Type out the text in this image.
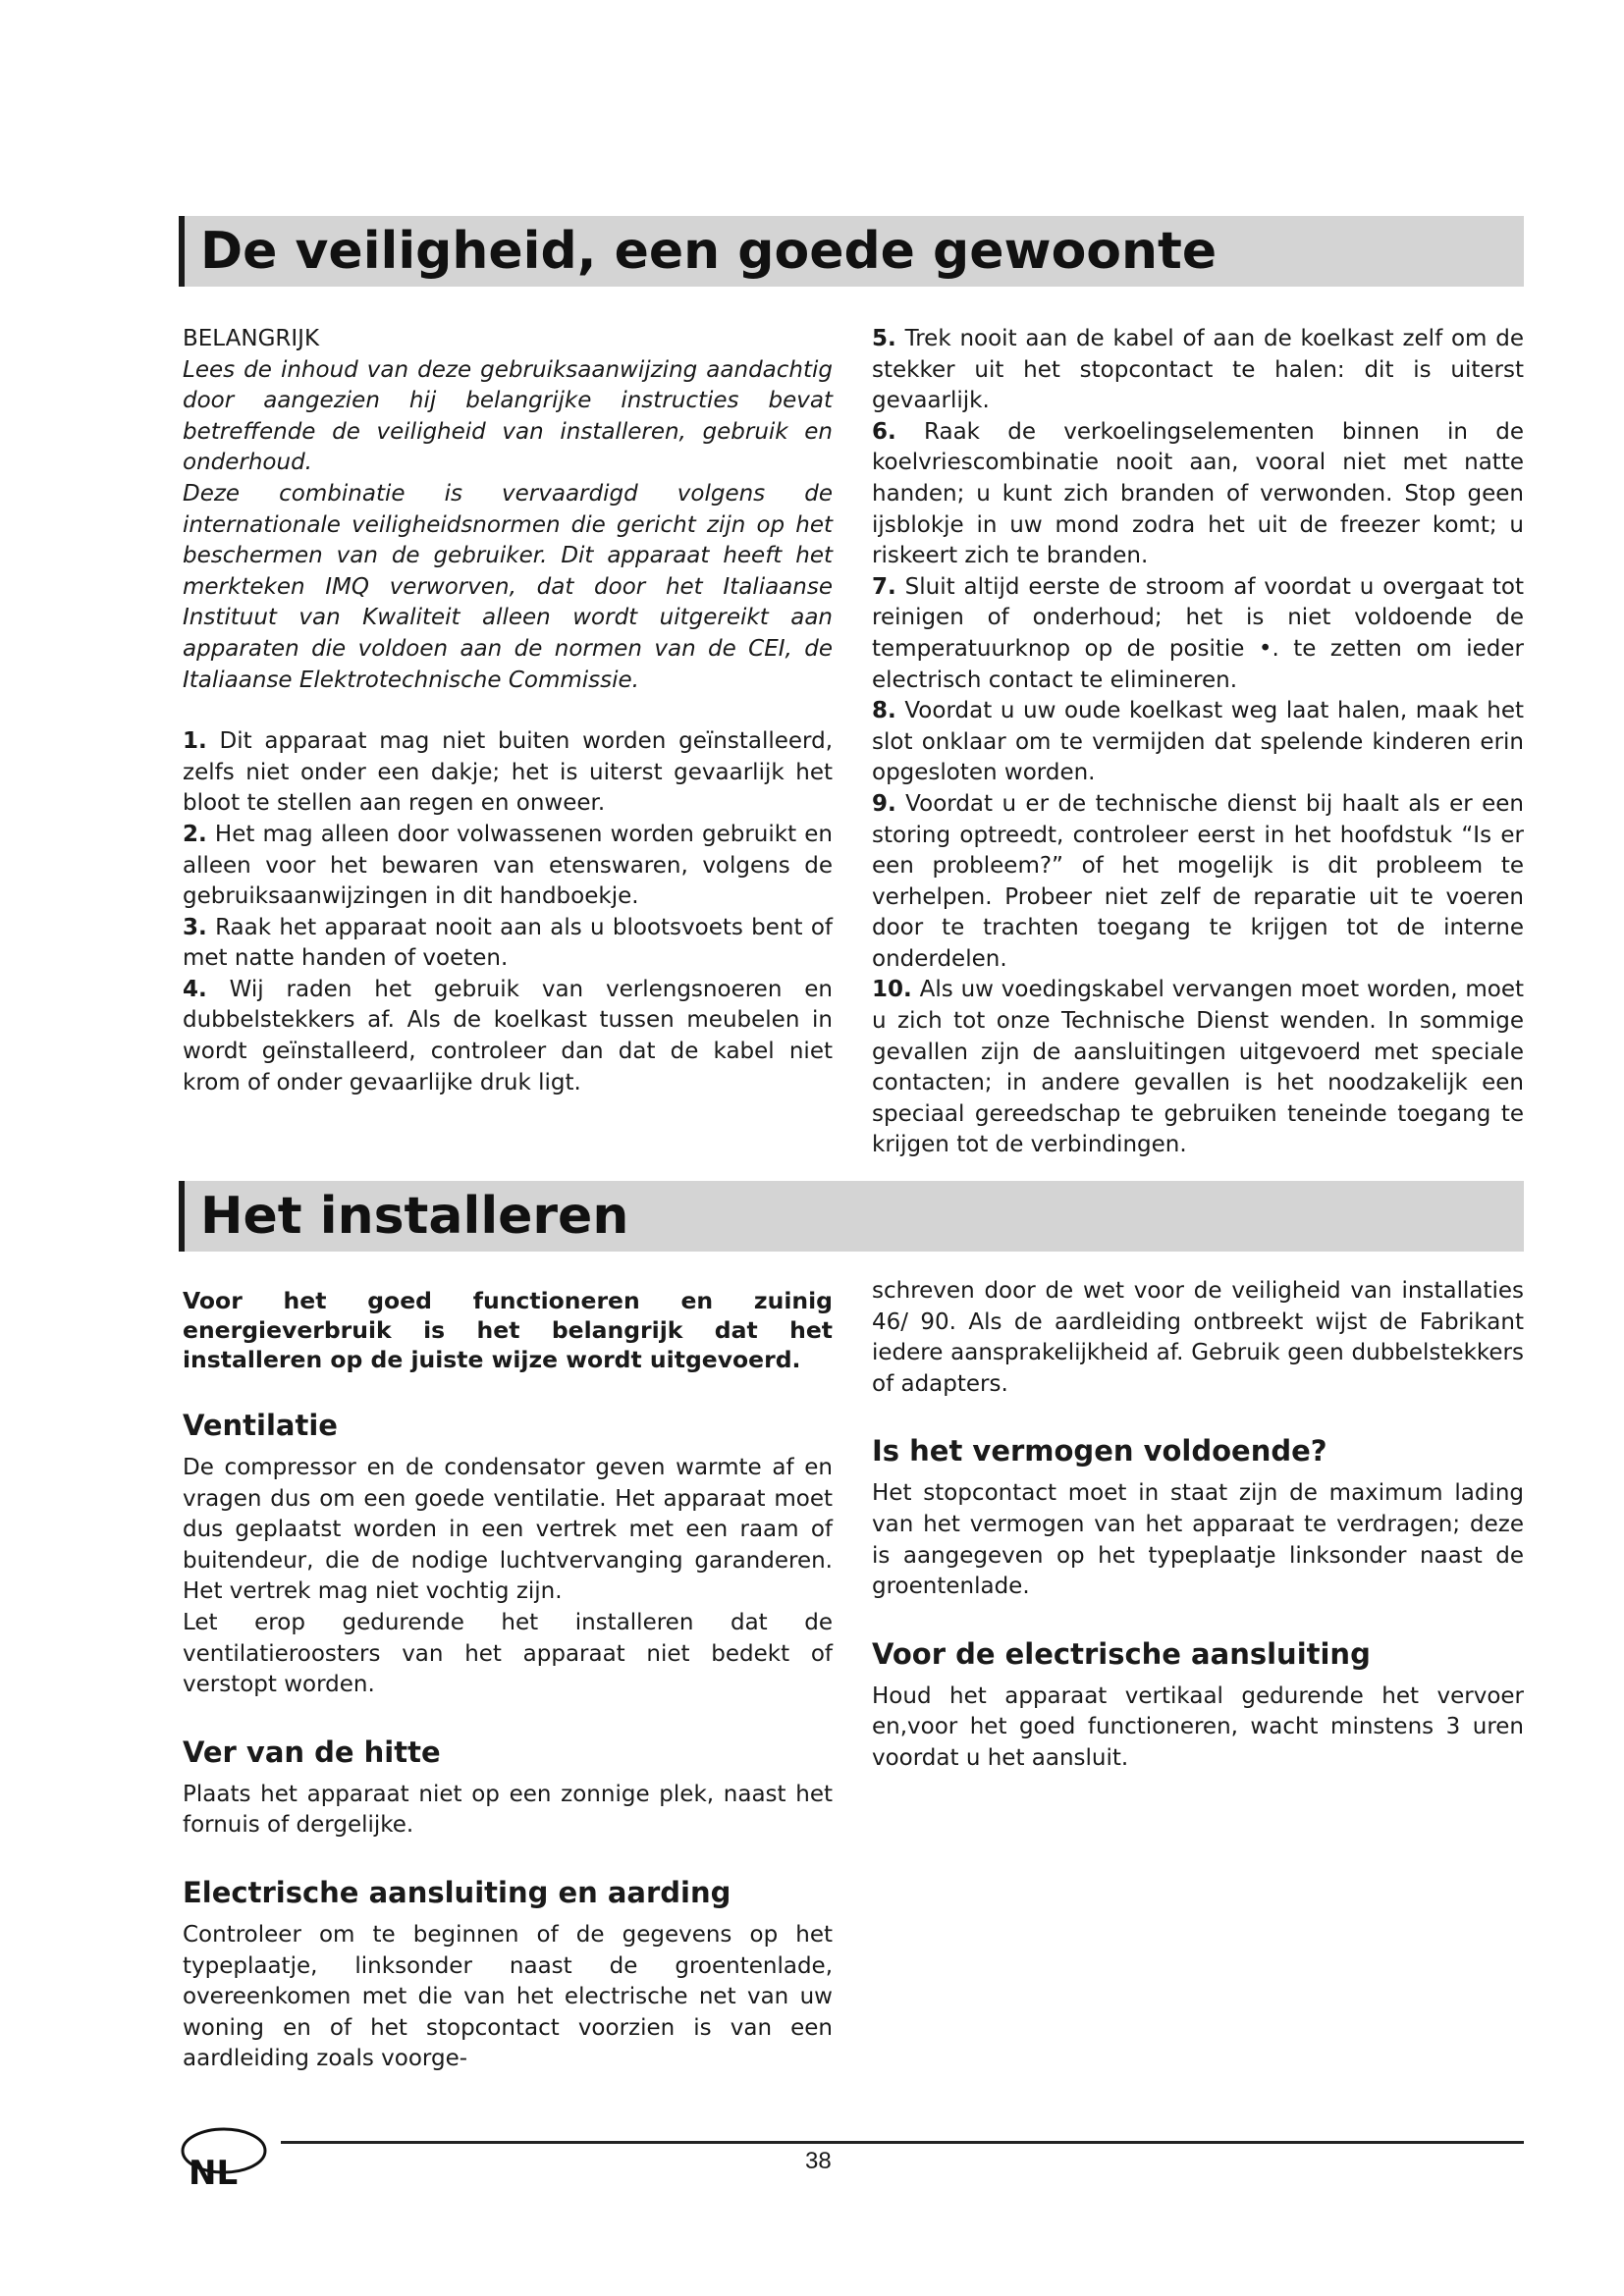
De veiligheid, een goede gewoonte

BELANGRIJK

Lees de inhoud van deze gebruiksaanwijzing aandachtig door aangezien hij belangrijke instructies bevat betreffende de veiligheid van installeren, gebruik en onderhoud.

Deze combinatie is vervaardigd volgens de internationale veiligheidsnormen die gericht zijn op het beschermen van de gebruiker. Dit apparaat heeft het merkteken IMQ verworven, dat door het Italiaanse Instituut van Kwaliteit alleen wordt uitgereikt aan apparaten die voldoen aan de normen van de CEI, de Italiaanse Elektrotechnische Commissie.

1. Dit apparaat mag niet buiten worden geïnstalleerd, zelfs niet onder een dakje; het is uiterst gevaarlijk het bloot te stellen aan regen en onweer.

2. Het mag alleen door volwassenen worden gebruikt en alleen voor het bewaren van etenswaren, volgens de gebruiksaanwijzingen in dit handboekje.

3. Raak het apparaat nooit aan als u blootsvoets bent of met natte handen of voeten.

4. Wij raden het gebruik van verlengsnoeren en dubbelstekkers af. Als de koelkast tussen meubelen in wordt geïnstalleerd, controleer dan dat de kabel niet krom of onder gevaarlijke druk ligt.

5. Trek nooit aan de kabel of aan de koelkast zelf om de stekker uit het stopcontact te halen: dit is uiterst gevaarlijk.

6. Raak de verkoelingselementen binnen in de koelvriescombinatie nooit aan, vooral niet met natte handen; u kunt zich branden of verwonden. Stop geen ijsblokje in uw mond zodra het uit de freezer komt; u riskeert zich te branden.

7. Sluit altijd eerste de stroom af voordat u overgaat tot reinigen of onderhoud; het is niet voldoende de temperatuurknop op de positie •. te zetten om ieder electrisch contact te elimineren.

8. Voordat u uw oude koelkast weg laat halen, maak het slot onklaar om te vermijden dat spelende kinderen erin opgesloten worden.

9. Voordat u er de technische dienst bij haalt als er een storing optreedt, controleer eerst in het hoofdstuk “Is er een probleem?” of het mogelijk is dit probleem te verhelpen. Probeer niet zelf de reparatie uit te voeren door te trachten toegang te krijgen tot de interne onderdelen.

10. Als uw voedingskabel vervangen moet worden, moet u zich tot onze Technische Dienst wenden. In sommige gevallen zijn de aansluitingen uitgevoerd met speciale contacten; in andere gevallen is het noodzakelijk een speciaal gereedschap te gebruiken teneinde toegang te krijgen tot de verbindingen.

Het installeren

Voor het goed functioneren en zuinig energieverbruik is het belangrijk dat het installeren op de juiste wijze wordt uitgevoerd.

Ventilatie

De compressor en de condensator geven warmte af en vragen dus om een goede ventilatie. Het apparaat moet dus geplaatst worden in een vertrek met een raam of buitendeur, die de nodige luchtvervanging garanderen. Het vertrek mag niet vochtig zijn.

Let erop gedurende het installeren dat de ventilatieroosters van het apparaat niet bedekt of verstopt worden.

Ver van de hitte

Plaats het apparaat niet op een zonnige plek, naast het fornuis of dergelijke.

Electrische aansluiting en aarding

Controleer om te beginnen of de gegevens op het typeplaatje, linksonder naast de groentenlade, overeenkomen met die van het electrische net van uw woning en of het stopcontact voorzien is van een aardleiding zoals voorge-

schreven door de wet voor de veiligheid van installaties 46/ 90. Als de aardleiding ontbreekt wijst de Fabrikant iedere aansprakelijkheid af. Gebruik geen dubbelstekkers of adapters.

Is het vermogen voldoende?

Het stopcontact moet in staat zijn de maximum lading van het vermogen van het apparaat te verdragen; deze is aangegeven op het typeplaatje linksonder naast de groentenlade.

Voor de electrische aansluiting

Houd het apparaat vertikaal gedurende het vervoer en,voor het goed functioneren, wacht minstens 3 uren voordat u het aansluit.

NL	38
